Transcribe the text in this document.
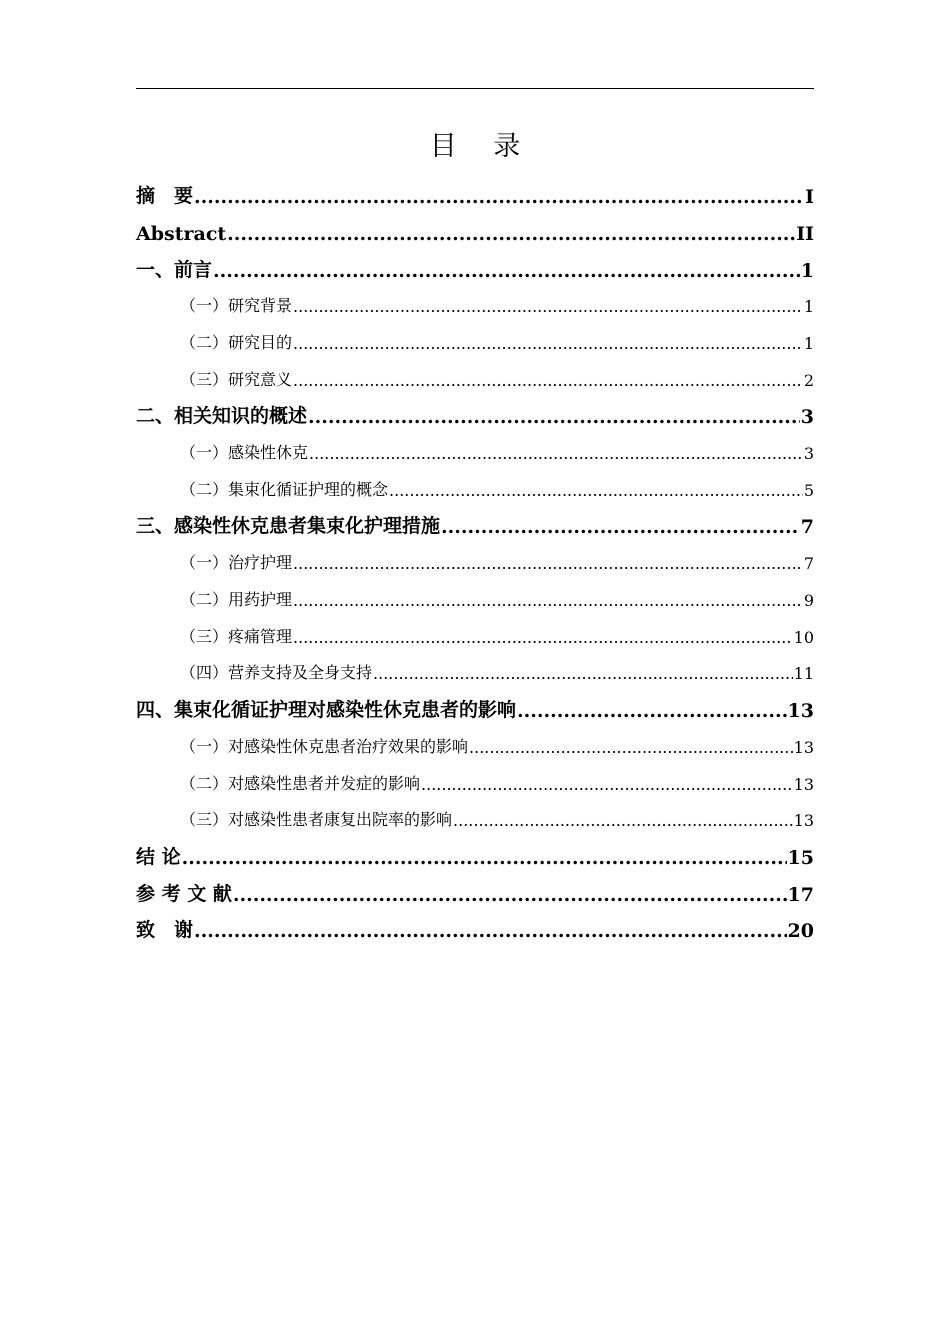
目 录
摘　要 .....	I
Abstract .....	II
一、 前言 .....	1
（一） 研究背景 .....	1
（二） 研究目的 .....	1
（三） 研究意义 .....	2
二、 相关知识的概述 .....	3
（一） 感染性休克 .....	3
（二） 集束化循证护理的概念 .....	5
三、 感染性休克患者集束化护理措施 .....	7
（一） 治疗护理 .....	7
（二） 用药护理 .....	9
（三） 疼痛管理 .....	10
（四） 营养支持及全身支持 .....	11
四、 集束化循证护理对感染性休克患者的影响 .....	13
（一） 对感染性休克患者治疗效果的影响 .....	13
（二） 对感染性患者并发症的影响 .....	13
（三） 对感染性患者康复出院率的影响 .....	13
结 论 .....	15
参 考 文 献 .....	17
致　谢 .....	20
